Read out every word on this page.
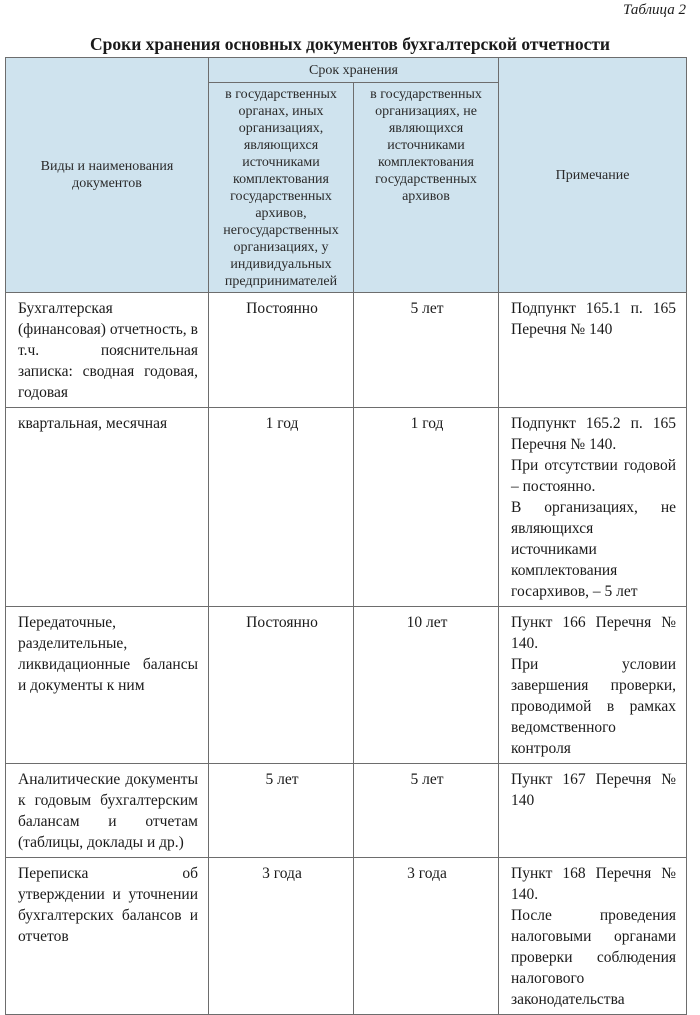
Таблица 2
Сроки хранения основных документов бухгалтерской отчетности
Виды и наименования документов	Срок хранения		Примечание

	в государственных органах, иных организациях, являющихся источниками комплектования государственных архивов, негосударственных организациях, у индивидуальных предпринимателей	в государственных организациях, не являющихся источниками комплектования государственных архивов	

Бухгалтерская (финансовая) отчетность, в т.ч. пояснительная записка: сводная годовая, годовая	Постоянно	5 лет	Подпункт 165.1 п. 165 Перечня № 140

квартальная, месячная	1 год	1 год	Подпункт 165.2 п. 165 Перечня № 140.

При отсутствии годовой – постоянно.

В организациях, не являющихся источниками комплектования госархивов, – 5 лет

Передаточные, разделительные, ликвидационные балансы и документы к ним	Постоянно	10 лет	Пункт 166 Перечня № 140.

При условии завершения проверки, проводимой в рамках ведомственного контроля

Аналитические документы к годовым бухгалтерским балансам и отчетам (таблицы, доклады и др.)	5 лет	5 лет	Пункт 167 Перечня № 140

Переписка об утверждении и уточнении бухгалтерских балансов и отчетов	3 года	3 года	Пункт 168 Перечня № 140.

После проведения налоговыми органами проверки соблюдения налогового законодательства
